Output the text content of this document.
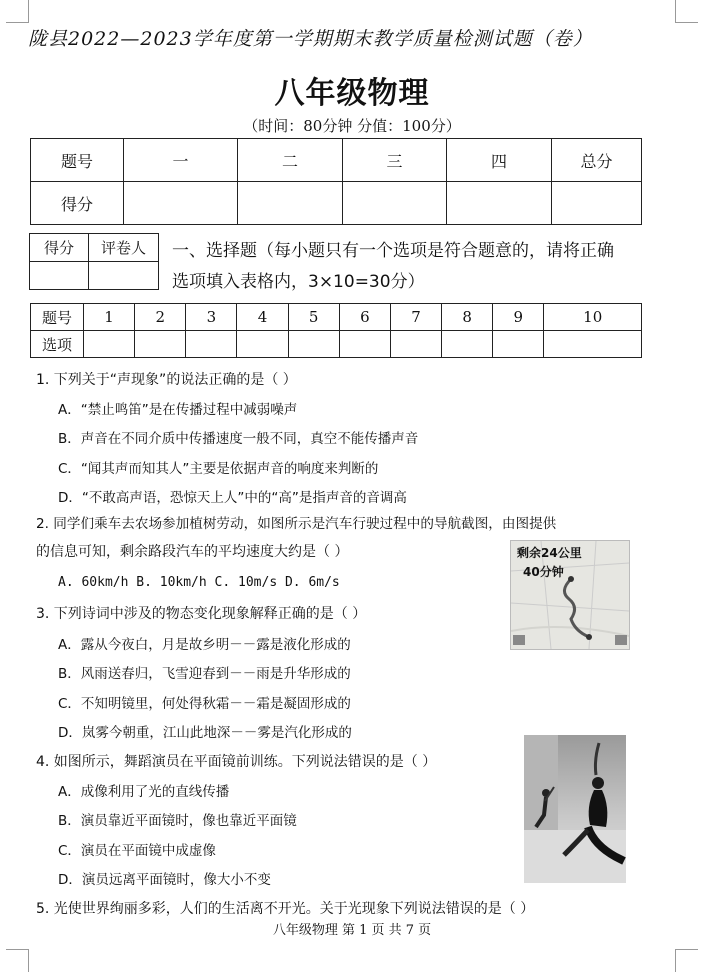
陇县2022—2023学年度第一学期期末教学质量检测试题（卷）
八年级物理
（时间：80分钟 分值：100分）
题号	一	二	三	四	总分
得分					
得分	评卷人
	一、选择题（每小题只有一个选项是符合题意的，请将正确
选项填入表格内，3×10=30分）
题号	1	2	3	4	5	6	7	8	9	10
选项										
1. 下列关于“声现象”的说法正确的是（ ）
A．“禁止鸣笛”是在传播过程中减弱噪声
B．声音在不同介质中传播速度一般不同，真空不能传播声音
C．“闻其声而知其人”主要是依据声音的响度来判断的
D．“不敢高声语，恐惊天上人”中的“高”是指声音的音调高
2. 同学们乘车去农场参加植树劳动，如图所示是汽车行驶过程中的导航截图，由图提供
的信息可知，剩余路段汽车的平均速度大约是（ ）
A. 60km/h B. 10km/h C. 10m/s D. 6m/s
剩余24公里
40分钟
3. 下列诗词中涉及的物态变化现象解释正确的是（ ）
A．露从今夜白，月是故乡明－－露是液化形成的
B．风雨送春归，飞雪迎春到－－雨是升华形成的
C．不知明镜里，何处得秋霜－－霜是凝固形成的
D．岚雾今朝重，江山此地深－－雾是汽化形成的
4. 如图所示，舞蹈演员在平面镜前训练。下列说法错误的是（ ）
A．成像利用了光的直线传播
B．演员靠近平面镜时，像也靠近平面镜
C．演员在平面镜中成虚像
D．演员远离平面镜时，像大小不变
5. 光使世界绚丽多彩，人们的生活离不开光。关于光现象下列说法错误的是（ ）
八年级物理 第 1 页 共 7 页
